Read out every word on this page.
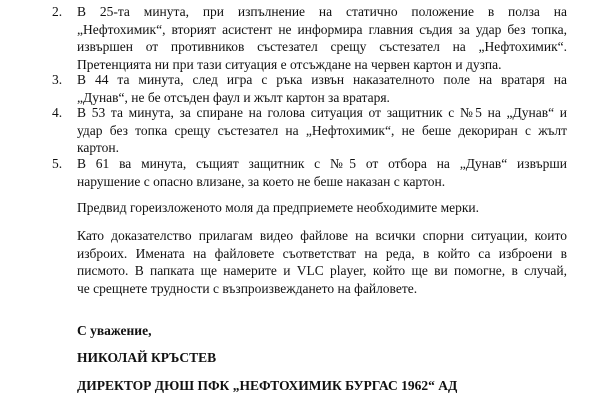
2. В 25-та минута, при изпълнение на статично положение в полза на
„Нефтохимик“, вторият асистент не информира главния съдия за удар без топка,
извършен от противников състезател срещу състезател на „Нефтохимик“.
Претенцията ни при тази ситуация е отсъждане на червен картон и дузпа.
3. В 44 та минута, след игра с ръка извън наказателното поле на вратаря на
„Дунав“, не бе отсъден фаул и жълт картон за вратаря.
4. В 53 та минута, за спиране на голова ситуация от защитник с №5 на „Дунав“ и
удар без топка срещу състезател на „Нефтохимик“, не беше декориран с жълт
картон.
5. В 61 ва минута, същият защитник с №5 от отбора на „Дунав“ извърши
нарушение с опасно влизане, за което не беше наказан с картон.
Предвид гореизложеното моля да предприемете необходимите мерки.
Като доказателство прилагам видео файлове на всички спорни ситуации, които
изброих. Имената на файловете съответстват на реда, в който са изброени в
писмото. В папката ще намерите и VLC player, който ще ви помогне, в случай,
че срещнете трудности с възпроизвеждането на файловете.
С уважение,
НИКОЛАЙ КРЪСТЕВ
ДИРЕКТОР ДЮШ ПФК „НЕФТОХИМИК БУРГАС 1962“ АД
